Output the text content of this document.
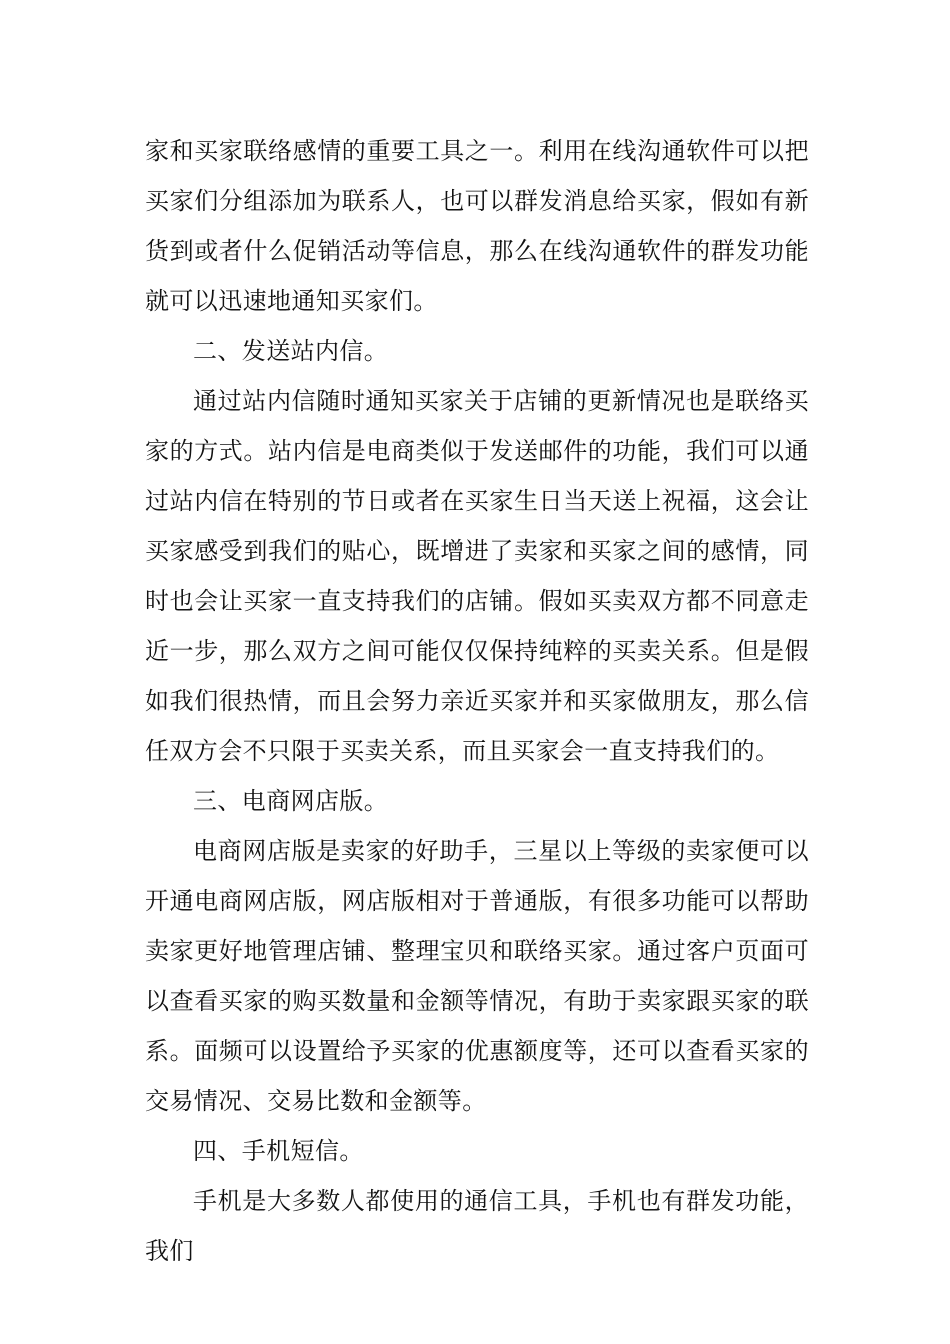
家和买家联络感情的重要工具之一。利用在线沟通软件可以把买家们分组添加为联系人，也可以群发消息给买家，假如有新货到或者什么促销活动等信息，那么在线沟通软件的群发功能就可以迅速地通知买家们。

二、发送站内信。

通过站内信随时通知买家关于店铺的更新情况也是联络买家的方式。站内信是电商类似于发送邮件的功能，我们可以通过站内信在特别的节日或者在买家生日当天送上祝福，这会让买家感受到我们的贴心，既增进了卖家和买家之间的感情，同时也会让买家一直支持我们的店铺。假如买卖双方都不同意走近一步，那么双方之间可能仅仅保持纯粹的买卖关系。但是假如我们很热情，而且会努力亲近买家并和买家做朋友，那么信任双方会不只限于买卖关系，而且买家会一直支持我们的。

三、电商网店版。

电商网店版是卖家的好助手，三星以上等级的卖家便可以开通电商网店版，网店版相对于普通版，有很多功能可以帮助卖家更好地管理店铺、整理宝贝和联络买家。通过客户页面可以查看买家的购买数量和金额等情况，有助于卖家跟买家的联系。面频可以设置给予买家的优惠额度等，还可以查看买家的交易情况、交易比数和金额等。

四、手机短信。

手机是大多数人都使用的通信工具，手机也有群发功能，我们
